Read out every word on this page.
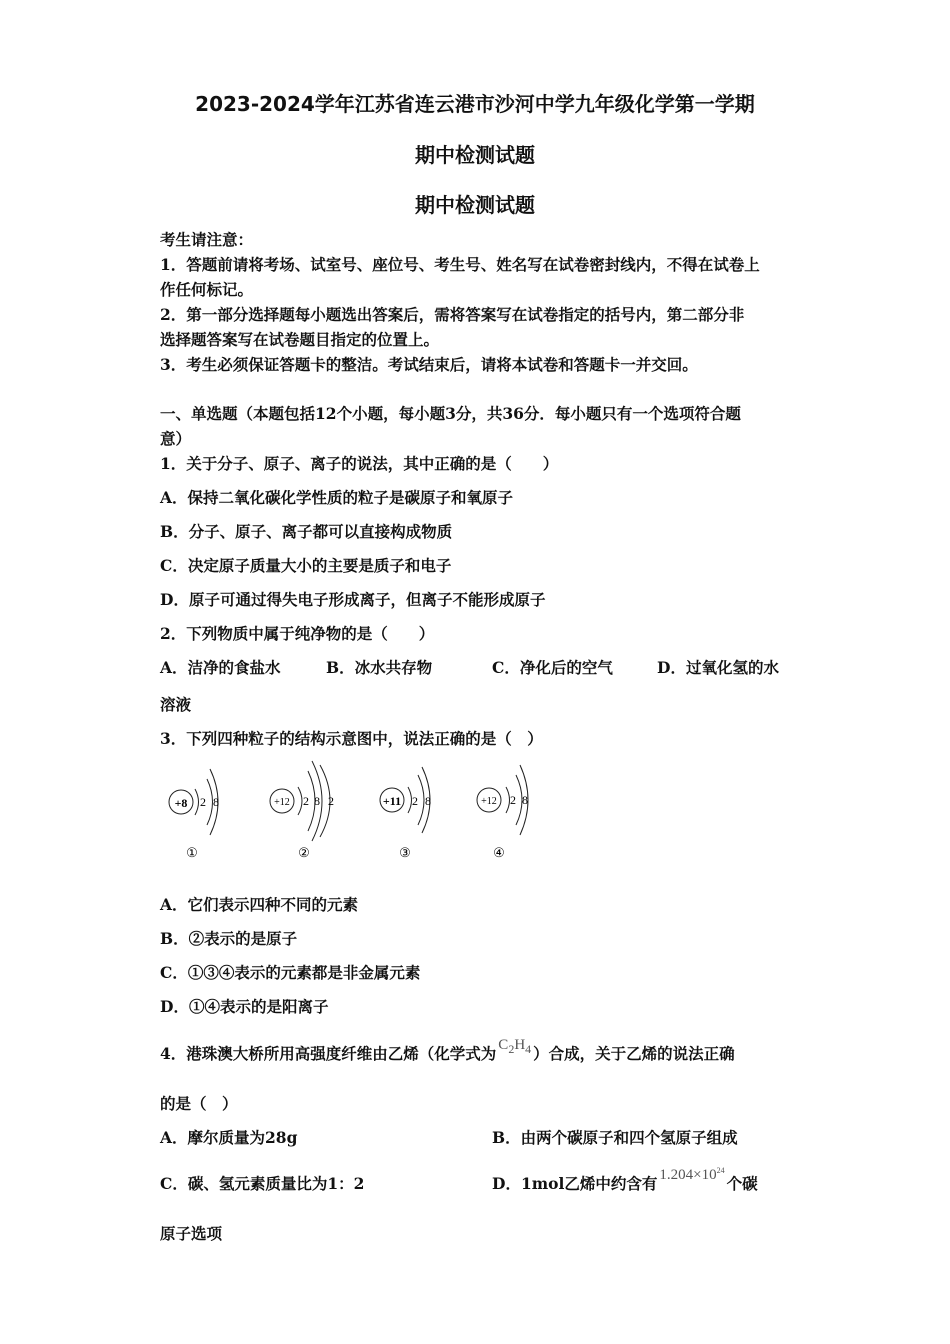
2023-2024学年江苏省连云港市沙河中学九年级化学第一学期
期中检测试题
期中检测试题
考生请注意：
1．答题前请将考场、试室号、座位号、考生号、姓名写在试卷密封线内，不得在试卷上
作任何标记。
2．第一部分选择题每小题选出答案后，需将答案写在试卷指定的括号内，第二部分非
选择题答案写在试卷题目指定的位置上。
3．考生必须保证答题卡的整洁。考试结束后，请将本试卷和答题卡一并交回。
一、单选题（本题包括12个小题，每小题3分，共36分．每小题只有一个选项符合题
意）
1．关于分子、原子、离子的说法，其中正确的是（　　）
A．保持二氧化碳化学性质的粒子是碳原子和氧原子
B．分子、原子、离子都可以直接构成物质
C．决定原子质量大小的主要是质子和电子
D．原子可通过得失电子形成离子，但离子不能形成原子
2．下列物质中属于纯净物的是（　　）
A．洁净的食盐水	B．冰水共存物	C．净化后的空气	D．过氧化氢的水
溶液
3．下列四种粒子的结构示意图中，说法正确的是（　）
+8 2 8
①
+12 2 8 2
②
+11 2 8
③
+12 2 8
④
A．它们表示四种不同的元素
B．②表示的是原子
C．①③④表示的元素都是非金属元素
D．①④表示的是阳离子
4．港珠澳大桥所用高强度纤维由乙烯（化学式为 $C_2H_4$ ）合成，关于乙烯的说法正确
的是（　）
A．摩尔质量为28g	B．由两个碳原子和四个氢原子组成
C．碳、氢元素质量比为1：2	D．1mol乙烯中约含有 $1.204\times 10^{24}$个碳
原子选项
